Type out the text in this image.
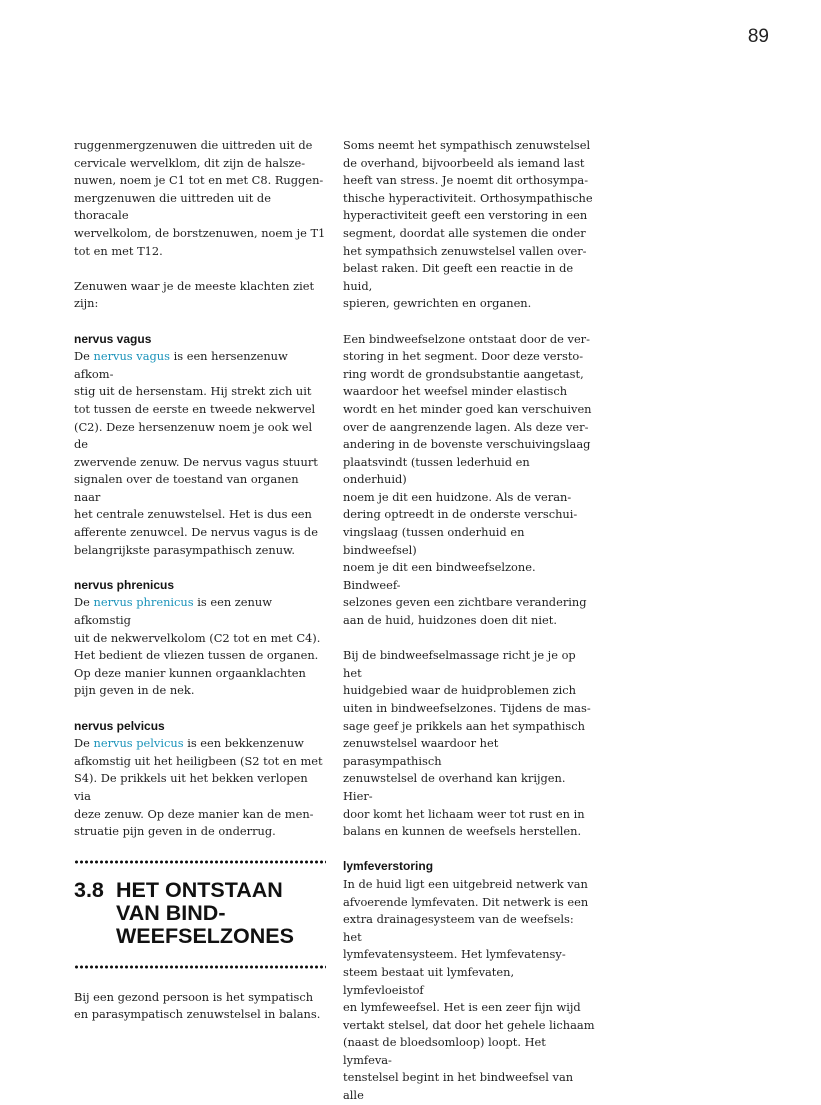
89

ruggenmergzenuwen die uittreden uit de

cervicale wervelklom, dit zijn de halsze-

nuwen, noem je C1 tot en met C8. Ruggen-

mergzenuwen die uittreden uit de thoracale

wervelkolom, de borstzenuwen, noem je T1

tot en met T12.

Zenuwen waar je de meeste klachten ziet zijn:

nervus vagus

De nervus vagus is een hersenzenuw afkom-

stig uit de hersenstam. Hij strekt zich uit

tot tussen de eerste en tweede nekwervel

(C2). Deze hersenzenuw noem je ook wel de

zwervende zenuw. De nervus vagus stuurt

signalen over de toestand van organen naar

het centrale zenuwstelsel. Het is dus een

afferente zenuwcel. De nervus vagus is de

belangrijkste parasympathisch zenuw.

nervus phrenicus

De nervus phrenicus is een zenuw afkomstig

uit de nekwervelkolom (C2 tot en met C4).

Het bedient de vliezen tussen de organen.

Op deze manier kunnen orgaanklachten

pijn geven in de nek.

nervus pelvicus

De nervus pelvicus is een bekkenzenuw

afkomstig uit het heiligbeen (S2 tot en met

S4). De prikkels uit het bekken verlopen via

deze zenuw. Op deze manier kan de men-

struatie pijn geven in de onderrug.

3.8 HET ONTSTAAN
VAN BIND-
WEEFSELZONES

Bij een gezond persoon is het sympatisch

en parasympatisch zenuwstelsel in balans.

Soms neemt het sympathisch zenuwstelsel

de overhand, bijvoorbeeld als iemand last

heeft van stress. Je noemt dit orthosympa-

thische hyperactiviteit. Orthosympathische

hyperactiviteit geeft een verstoring in een

segment, doordat alle systemen die onder

het sympathsich zenuwstelsel vallen over-

belast raken. Dit geeft een reactie in de huid,

spieren, gewrichten en organen.

Een bindweefselzone ontstaat door de ver-

storing in het segment. Door deze versto-

ring wordt de grondsubstantie aangetast,

waardoor het weefsel minder elastisch

wordt en het minder goed kan verschuiven

over de aangrenzende lagen. Als deze ver-

andering in de bovenste verschuivingslaag

plaatsvindt (tussen lederhuid en onderhuid)

noem je dit een huidzone. Als de veran-

dering optreedt in de onderste verschui-

vingslaag (tussen onderhuid en bindweefsel)

noem je dit een bindweefselzone. Bindweef-

selzones geven een zichtbare verandering

aan de huid, huidzones doen dit niet.

Bij de bindweefselmassage richt je je op het

huidgebied waar de huidproblemen zich

uiten in bindweefselzones. Tijdens de mas-

sage geef je prikkels aan het sympathisch

zenuwstelsel waardoor het parasympathisch

zenuwstelsel de overhand kan krijgen. Hier-

door komt het lichaam weer tot rust en in

balans en kunnen de weefsels herstellen.

lymfeverstoring

In de huid ligt een uitgebreid netwerk van

afvoerende lymfevaten. Dit netwerk is een

extra drainagesysteem van de weefsels: het

lymfevatensysteem. Het lymfevatensy-

steem bestaat uit lymfevaten, lymfevloeistof

en lymfeweefsel. Het is een zeer fijn wijd

vertakt stelsel, dat door het gehele lichaam

(naast de bloedsomloop) loopt. Het lymfeva-

tenstelsel begint in het bindweefsel van alle
